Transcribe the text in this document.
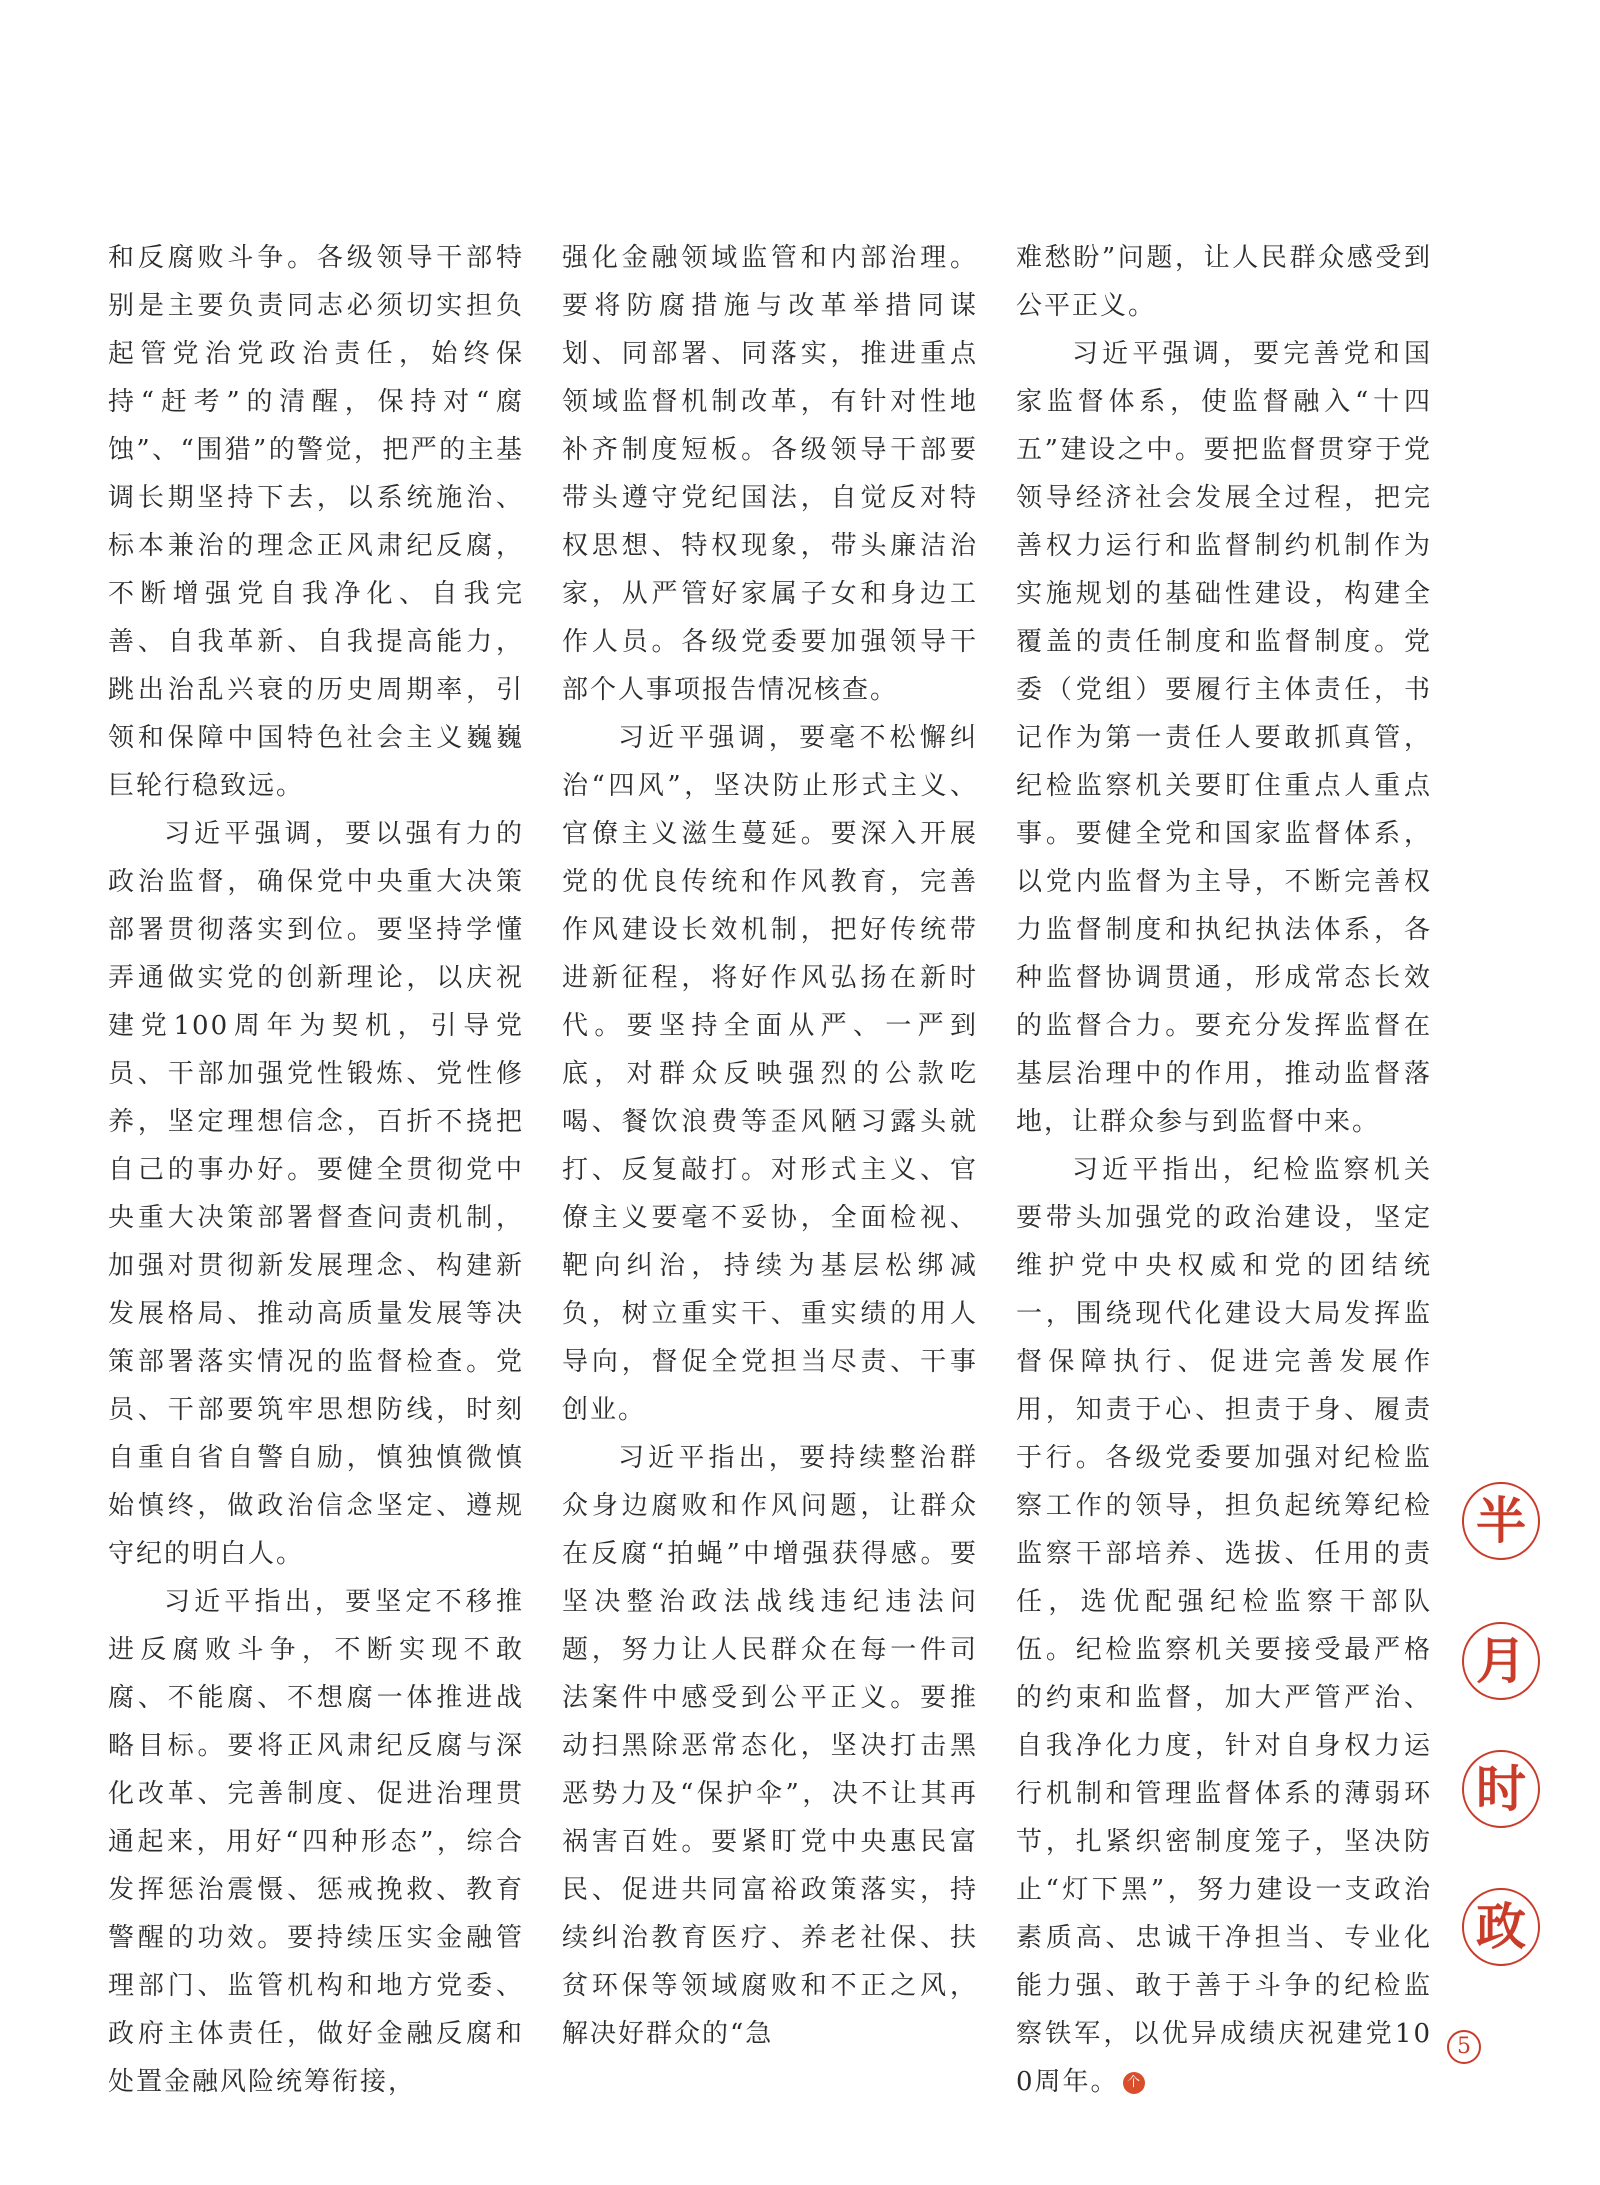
和反腐败斗争。各级领导干部特别是主要负责同志必须切实担负起管党治党政治责任，始终保持“赶考”的清醒，保持对“腐蚀”、“围猎”的警觉，把严的主基调长期坚持下去，以系统施治、标本兼治的理念正风肃纪反腐，不断增强党自我净化、自我完善、自我革新、自我提高能力，跳出治乱兴衰的历史周期率，引领和保障中国特色社会主义巍巍巨轮行稳致远。

习近平强调，要以强有力的政治监督，确保党中央重大决策部署贯彻落实到位。要坚持学懂弄通做实党的创新理论，以庆祝建党100周年为契机，引导党员、干部加强党性锻炼、党性修养，坚定理想信念，百折不挠把自己的事办好。要健全贯彻党中央重大决策部署督查问责机制，加强对贯彻新发展理念、构建新发展格局、推动高质量发展等决策部署落实情况的监督检查。党员、干部要筑牢思想防线，时刻自重自省自警自励，慎独慎微慎始慎终，做政治信念坚定、遵规守纪的明白人。

习近平指出，要坚定不移推进反腐败斗争，不断实现不敢腐、不能腐、不想腐一体推进战略目标。要将正风肃纪反腐与深化改革、完善制度、促进治理贯通起来，用好“四种形态”，综合发挥惩治震慑、惩戒挽救、教育警醒的功效。要持续压实金融管理部门、监管机构和地方党委、政府主体责任，做好金融反腐和处置金融风险统筹衔接，

强化金融领域监管和内部治理。要将防腐措施与改革举措同谋划、同部署、同落实，推进重点领域监督机制改革，有针对性地补齐制度短板。各级领导干部要带头遵守党纪国法，自觉反对特权思想、特权现象，带头廉洁治家，从严管好家属子女和身边工作人员。各级党委要加强领导干部个人事项报告情况核查。

习近平强调，要毫不松懈纠治“四风”，坚决防止形式主义、官僚主义滋生蔓延。要深入开展党的优良传统和作风教育，完善作风建设长效机制，把好传统带进新征程，将好作风弘扬在新时代。要坚持全面从严、一严到底，对群众反映强烈的公款吃喝、餐饮浪费等歪风陋习露头就打、反复敲打。对形式主义、官僚主义要毫不妥协，全面检视、靶向纠治，持续为基层松绑减负，树立重实干、重实绩的用人导向，督促全党担当尽责、干事创业。

习近平指出，要持续整治群众身边腐败和作风问题，让群众在反腐“拍蝇”中增强获得感。要坚决整治政法战线违纪违法问题，努力让人民群众在每一件司法案件中感受到公平正义。要推动扫黑除恶常态化，坚决打击黑恶势力及“保护伞”，决不让其再祸害百姓。要紧盯党中央惠民富民、促进共同富裕政策落实，持续纠治教育医疗、养老社保、扶贫环保等领域腐败和不正之风，解决好群众的“急

难愁盼”问题，让人民群众感受到公平正义。

习近平强调，要完善党和国家监督体系，使监督融入“十四五”建设之中。要把监督贯穿于党领导经济社会发展全过程，把完善权力运行和监督制约机制作为实施规划的基础性建设，构建全覆盖的责任制度和监督制度。党委（党组）要履行主体责任，书记作为第一责任人要敢抓真管，纪检监察机关要盯住重点人重点事。要健全党和国家监督体系，以党内监督为主导，不断完善权力监督制度和执纪执法体系，各种监督协调贯通，形成常态长效的监督合力。要充分发挥监督在基层治理中的作用，推动监督落地，让群众参与到监督中来。

习近平指出，纪检监察机关要带头加强党的政治建设，坚定维护党中央权威和党的团结统一，围绕现代化建设大局发挥监督保障执行、促进完善发展作用，知责于心、担责于身、履责于行。各级党委要加强对纪检监察工作的领导，担负起统筹纪检监察干部培养、选拔、任用的责任，选优配强纪检监察干部队伍。纪检监察机关要接受最严格的约束和监督，加大严管严治、自我净化力度，针对自身权力运行机制和管理监督体系的薄弱环节，扎紧织密制度笼子，坚决防止“灯下黑”，努力建设一支政治素质高、忠诚干净担当、专业化能力强、敢于善于斗争的纪检监察铁军，以优异成绩庆祝建党100周年。 个

半
月
时
政
5
